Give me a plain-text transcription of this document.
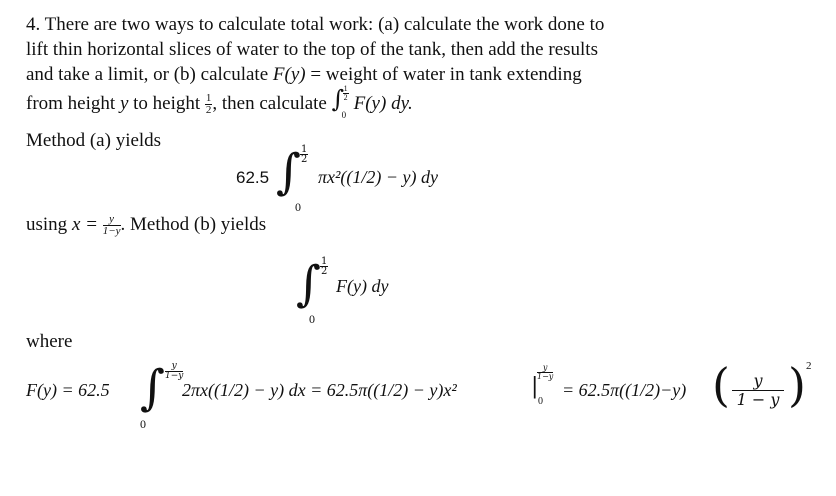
4. There are two ways to calculate total work: (a) calculate the work done to
lift thin horizontal slices of water to the top of the tank, then add the results
and take a limit, or (b) calculate F(y) = weight of water in tank extending
from height y to height $\frac{1}{2}$ , then calculate ∫
$\frac{1}{2}$
0
F(y) dy.
Method (a) yields
62.5 ∫
$\frac{1}{2}$
0
πx²((1/2) − y) dy
using $x = \frac{y}{1-y}$ . Method (b) yields
∫
$\frac{1}{2}$
0
F(y) dy
where
F(y) = 62.5 ∫ $\frac{y}{1-y}$
0
2πx((1/2) − y) dx = 62.5π((1/2) − y)x²	|
$\frac{y}{1-y}$
0
= 62.5π((1/2)−y) ( $\frac{y}{1 - y}$ ) 2
